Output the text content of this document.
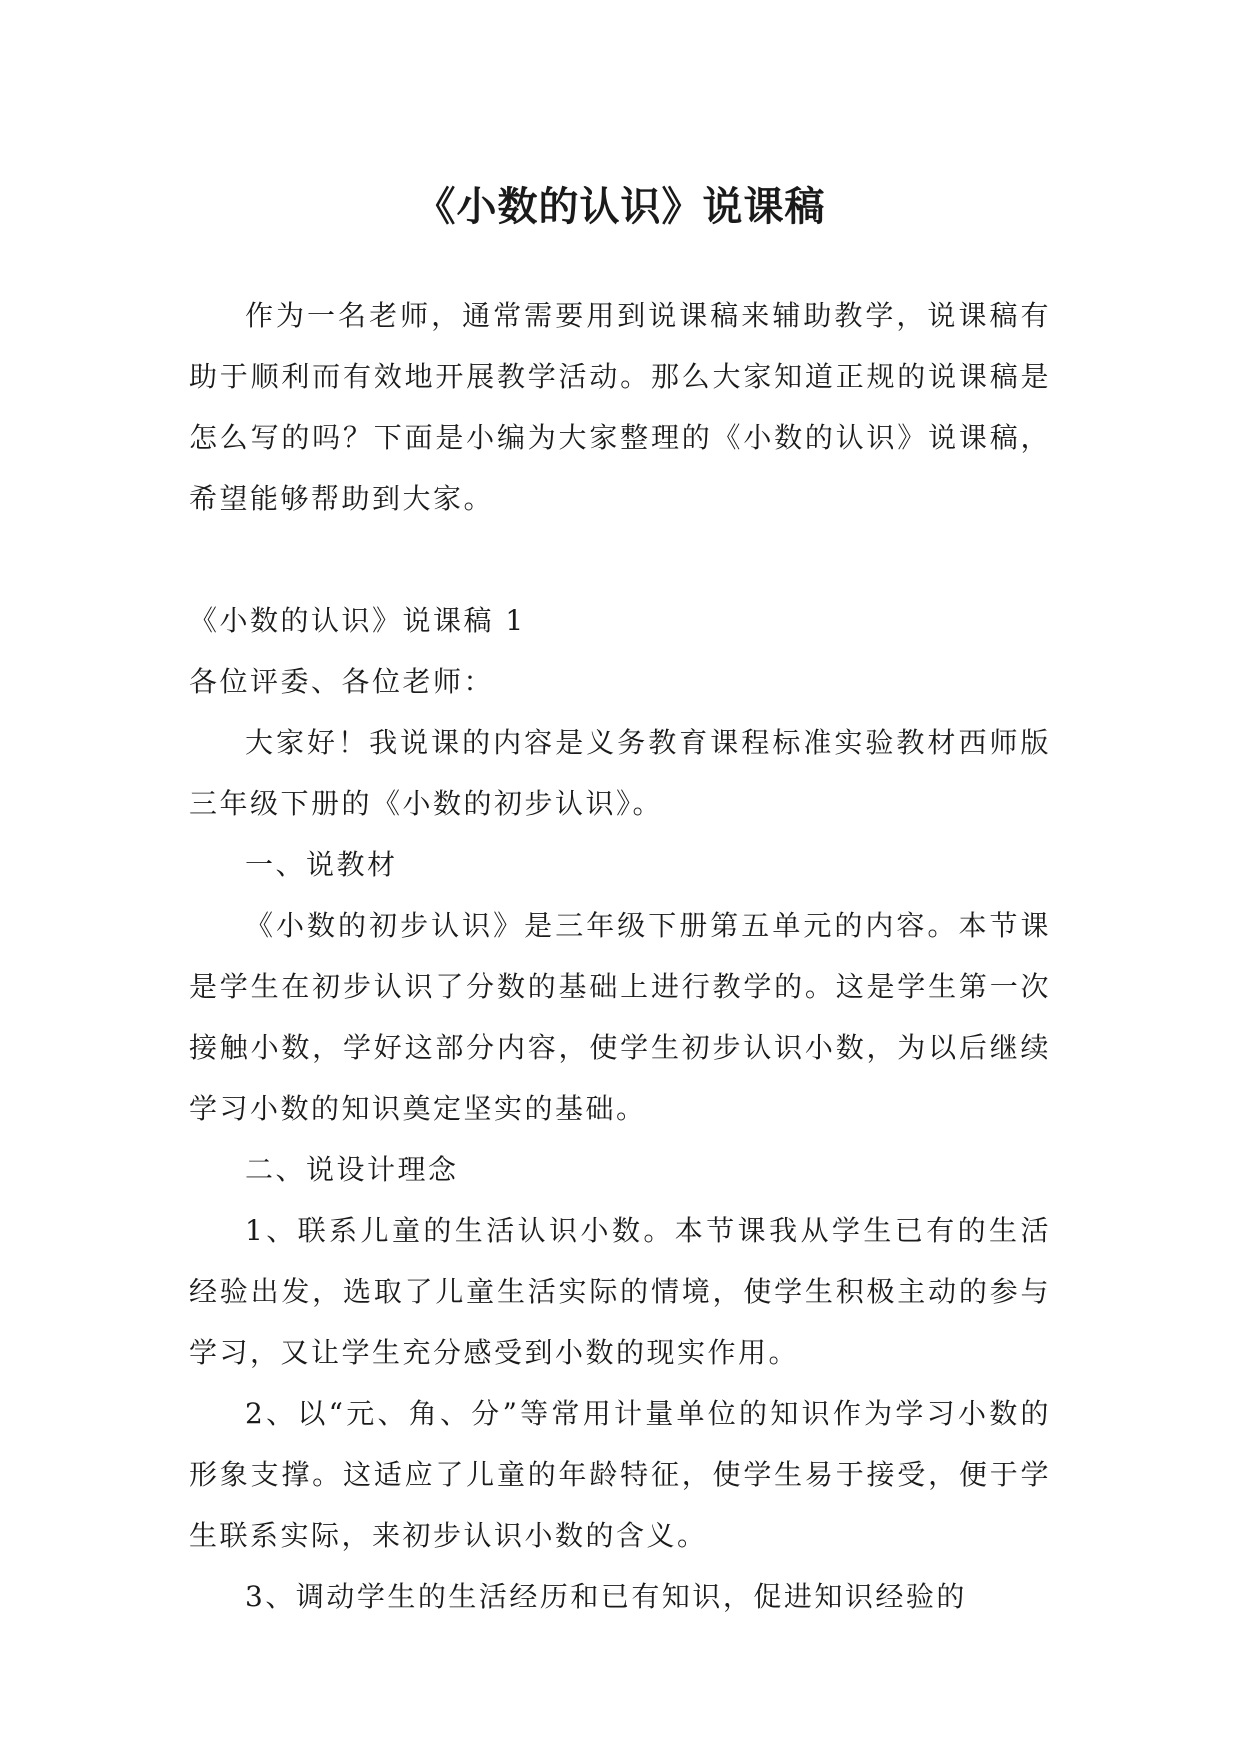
《小数的认识》说课稿

作为一名老师，通常需要用到说课稿来辅助教学，说课稿有助于顺利而有效地开展教学活动。那么大家知道正规的说课稿是怎么写的吗？下面是小编为大家整理的《小数的认识》说课稿，希望能够帮助到大家。

《小数的认识》说课稿 1

各位评委、各位老师：

大家好！我说课的内容是义务教育课程标准实验教材西师版三年级下册的《小数的初步认识》。

一、说教材

《小数的初步认识》是三年级下册第五单元的内容。本节课是学生在初步认识了分数的基础上进行教学的。这是学生第一次接触小数，学好这部分内容，使学生初步认识小数，为以后继续学习小数的知识奠定坚实的基础。

二、说设计理念

1、联系儿童的生活认识小数。本节课我从学生已有的生活经验出发，选取了儿童生活实际的情境，使学生积极主动的参与学习，又让学生充分感受到小数的现实作用。

2、以“元、角、分”等常用计量单位的知识作为学习小数的形象支撑。这适应了儿童的年龄特征，使学生易于接受，便于学生联系实际，来初步认识小数的含义。

3、调动学生的生活经历和已有知识，促进知识经验的
